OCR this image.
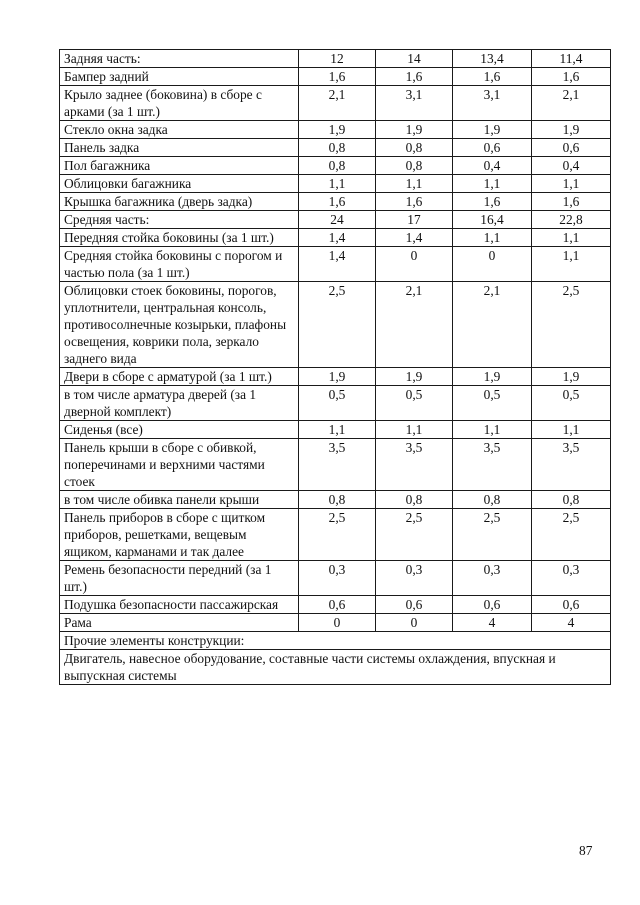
Задняя часть:	12	14	13,4	11,4
Бампер задний	1,6	1,6	1,6	1,6
Крыло заднее (боковина) в сборе с арками (за 1 шт.)	2,1	3,1	3,1	2,1
Стекло окна задка	1,9	1,9	1,9	1,9
Панель задка	0,8	0,8	0,6	0,6
Пол багажника	0,8	0,8	0,4	0,4
Облицовки багажника	1,1	1,1	1,1	1,1
Крышка багажника (дверь задка)	1,6	1,6	1,6	1,6
Средняя часть:	24	17	16,4	22,8
Передняя стойка боковины (за 1 шт.)	1,4	1,4	1,1	1,1
Средняя стойка боковины с порогом и частью пола (за 1 шт.)	1,4	0	0	1,1
Облицовки стоек боковины, порогов, уплотнители, центральная консоль, противосолнечные козырьки, плафоны освещения, коврики пола, зеркало заднего вида	2,5	2,1	2,1	2,5
Двери в сборе с арматурой (за 1 шт.)	1,9	1,9	1,9	1,9
в том числе арматура дверей (за 1 дверной комплект)	0,5	0,5	0,5	0,5
Сиденья (все)	1,1	1,1	1,1	1,1
Панель крыши в сборе с обивкой, поперечинами и верхними частями стоек	3,5	3,5	3,5	3,5
в том числе обивка панели крыши	0,8	0,8	0,8	0,8
Панель приборов в сборе с щитком приборов, решетками, вещевым ящиком, карманами и так далее	2,5	2,5	2,5	2,5
Ремень безопасности передний (за 1 шт.)	0,3	0,3	0,3	0,3
Подушка безопасности пассажирская	0,6	0,6	0,6	0,6
Рама	0	0	4	4
Прочие элементы конструкции:				
Двигатель, навесное оборудование, составные части системы охлаждения, впускная и выпускная системы				
87
